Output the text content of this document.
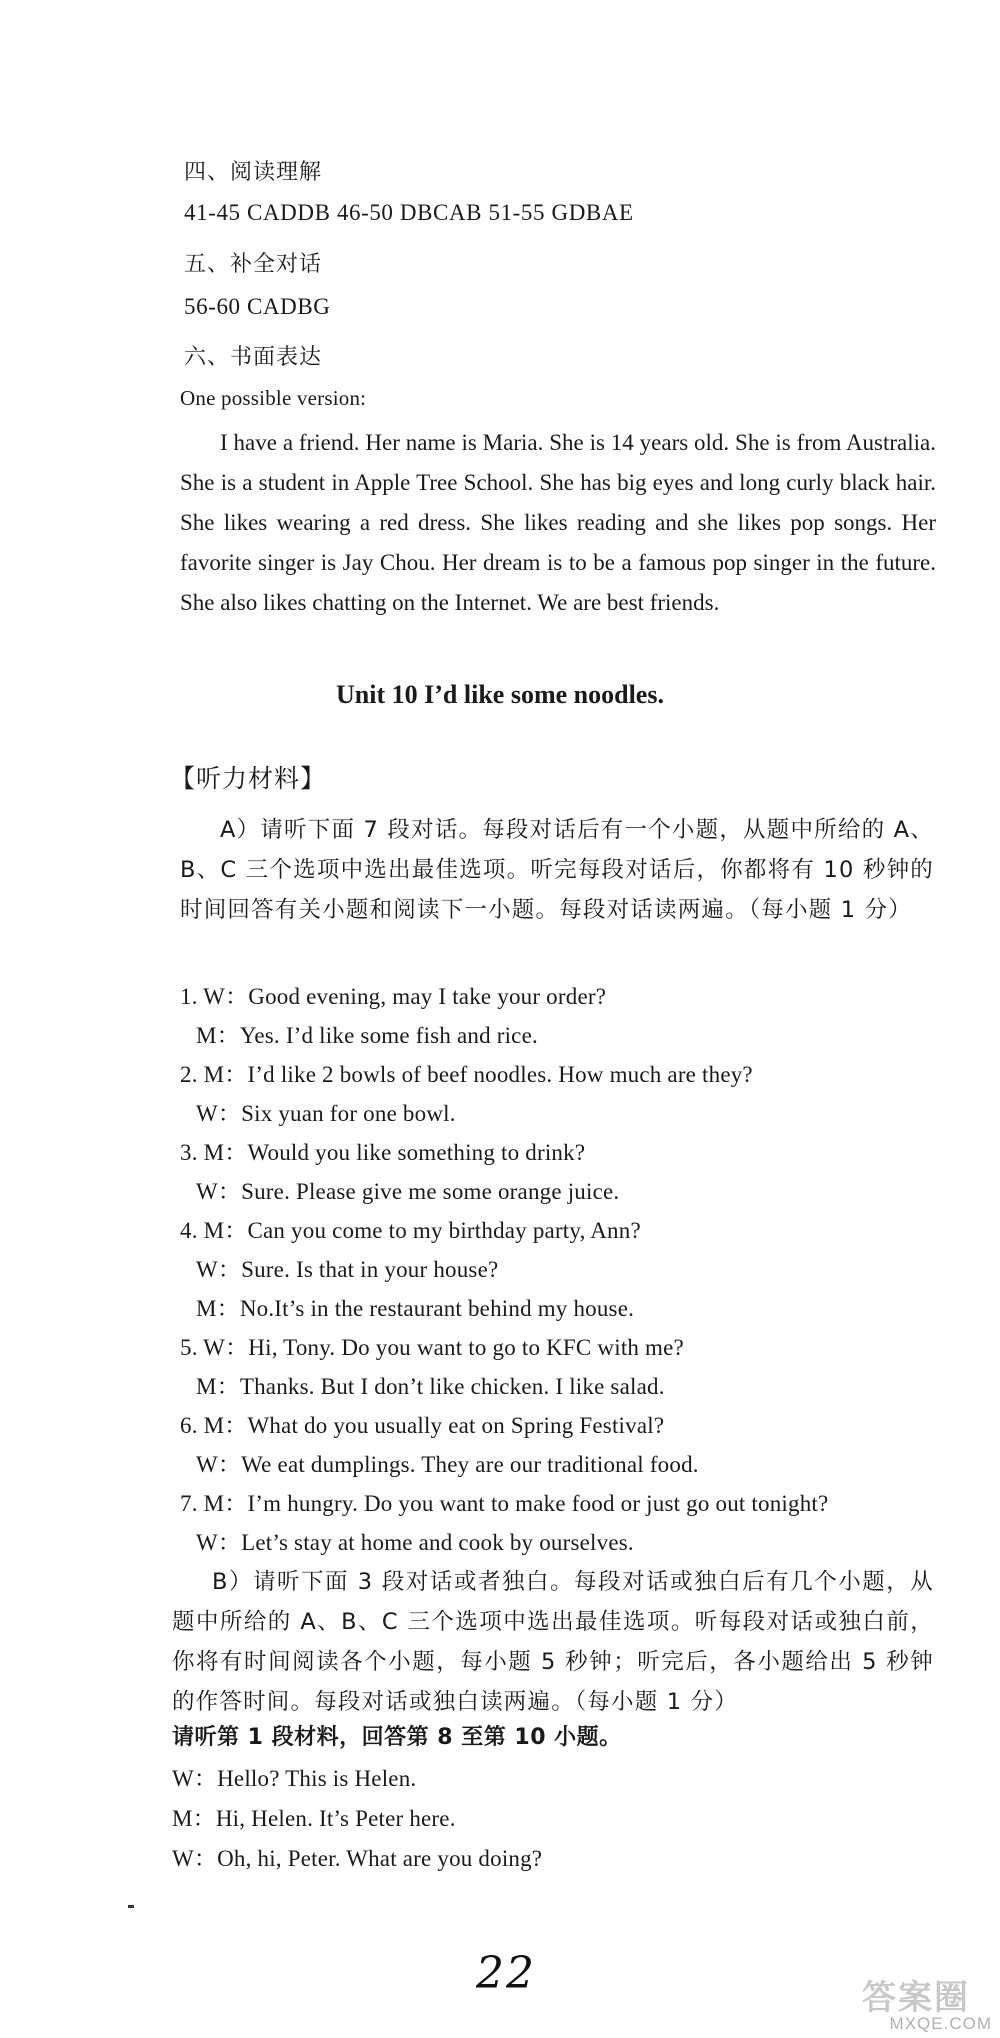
四、阅读理解
41-45 CADDB 46-50 DBCAB 51-55 GDBAE
五、补全对话
56-60 CADBG
六、书面表达
One possible version:
I have a friend. Her name is Maria. She is 14 years old. She is from Australia. She is a student in Apple Tree School. She has big eyes and long curly black hair. She likes wearing a red dress. She likes reading and she likes pop songs. Her favorite singer is Jay Chou. Her dream is to be a famous pop singer in the future. She also likes chatting on the Internet. We are best friends.
Unit 10 I’d like some noodles.
【听力材料】
A）请听下面 7 段对话。每段对话后有一个小题，从题中所给的 A、B、C 三个选项中选出最佳选项。听完每段对话后，你都将有 10 秒钟的时间回答有关小题和阅读下一小题。每段对话读两遍。（每小题 1 分）
1. W：Good evening, may I take your order?
M：Yes. I’d like some fish and rice.
2. M：I’d like 2 bowls of beef noodles. How much are they?
W：Six yuan for one bowl.
3. M：Would you like something to drink?
W：Sure. Please give me some orange juice.
4. M：Can you come to my birthday party, Ann?
W：Sure. Is that in your house?
M：No.It’s in the restaurant behind my house.
5. W：Hi, Tony. Do you want to go to KFC with me?
M：Thanks. But I don’t like chicken. I like salad.
6. M：What do you usually eat on Spring Festival?
W：We eat dumplings. They are our traditional food.
7. M：I’m hungry. Do you want to make food or just go out tonight?
W：Let’s stay at home and cook by ourselves.
B）请听下面 3 段对话或者独白。每段对话或独白后有几个小题，从题中所给的 A、B、C 三个选项中选出最佳选项。听每段对话或独白前，你将有时间阅读各个小题，每小题 5 秒钟；听完后，各小题给出 5 秒钟的作答时间。每段对话或独白读两遍。（每小题 1 分）
请听第 1 段材料，回答第 8 至第 10 小题。
W：Hello? This is Helen.
M：Hi, Helen. It’s Peter here.
W：Oh, hi, Peter. What are you doing?
22	答案圈
MXQE.COM
